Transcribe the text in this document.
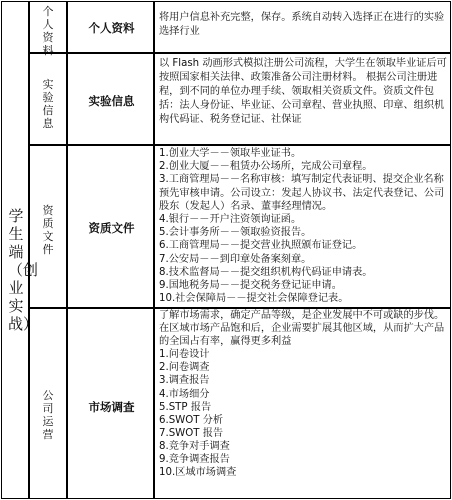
学生端（创业实战）
个人资料
个人资料
将用户信息补充完整，保存。系统自动转入选择正在进行的实验选择行业
实验信息
实验信息
以 Flash 动画形式模拟注册公司流程，大学生在领取毕业证后可按照国家相关法律、政策准备公司注册材料。 根据公司注册进程，到不同的单位办理手续、领取相关资质文件。资质文件包括：法人身份证、毕业证、公司章程、营业执照、印章、组织机构代码证、税务登记证、社保证
资质文件
资质文件
1.创业大学－－领取毕业证书。
2.创业大厦－－租赁办公场所，完成公司章程。
3.工商管理局－－名称审核：填写制定代表证明、提交企业名称预先审核申请。公司设立：发起人协议书、法定代表登记、公司股东（发起人）名录、董事经理情况。
4.银行－－开户注资领询证函。
5.会计事务所－－领取验资报告。
6.工商管理局－－提交营业执照颁布证登记。
7.公安局－－到印章处备案刻章。
8.技术监督局－－提交组织机构代码证申请表。
9.国地税务局－－提交税务登记证申请。
10.社会保障局－－提交社会保障登记表。
公司运营
市场调查
了解市场需求，确定产品等级，是企业发展中不可或缺的步伐。在区域市场产品饱和后，企业需要扩展其他区域，从而扩大产品的全国占有率，赢得更多利益
1.问卷设计
2.问卷调查
3.调查报告
4.市场细分
5.STP 报告
6.SWOT 分析
7.SWOT 报告
8.竞争对手调查
9.竞争调查报告
10.区域市场调查
